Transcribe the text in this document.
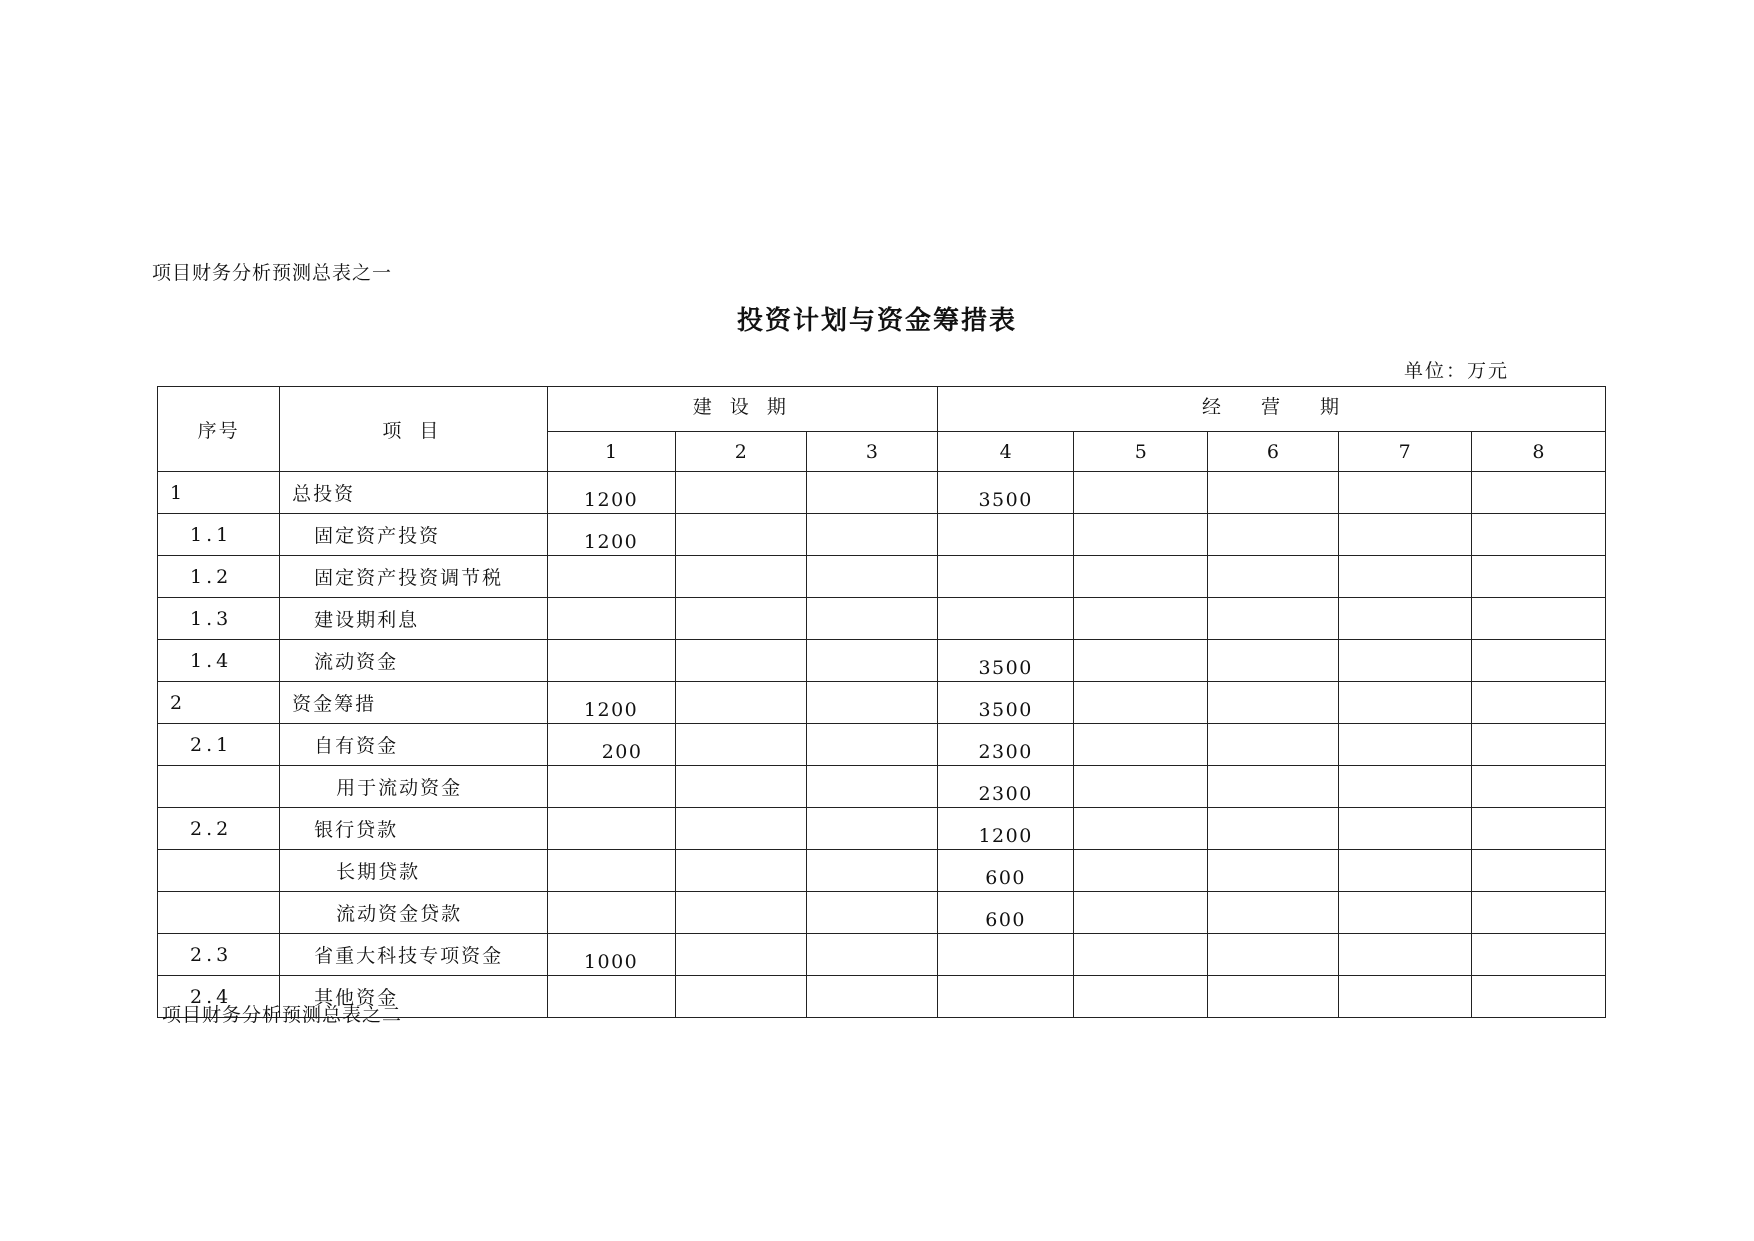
项目财务分析预测总表之一
投资计划与资金筹措表
单位：万元
序号	项 目	建 设 期			经 营 期				
		1	2	3	4	5	6	7	8
1	总投资	1200			3500				
1.1	固定资产投资	1200							
1.2	固定资产投资调节税								
1.3	建设期利息								
1.4	流动资金				3500				
2	资金筹措	1200			3500				
2.1	自有资金	200			2300				
	用于流动资金				2300				
2.2	银行贷款				1200				
	长期贷款				600				
	流动资金贷款				600				
2.3	省重大科技专项资金	1000							
2.4	其他资金								
项目财务分析预测总表之二
